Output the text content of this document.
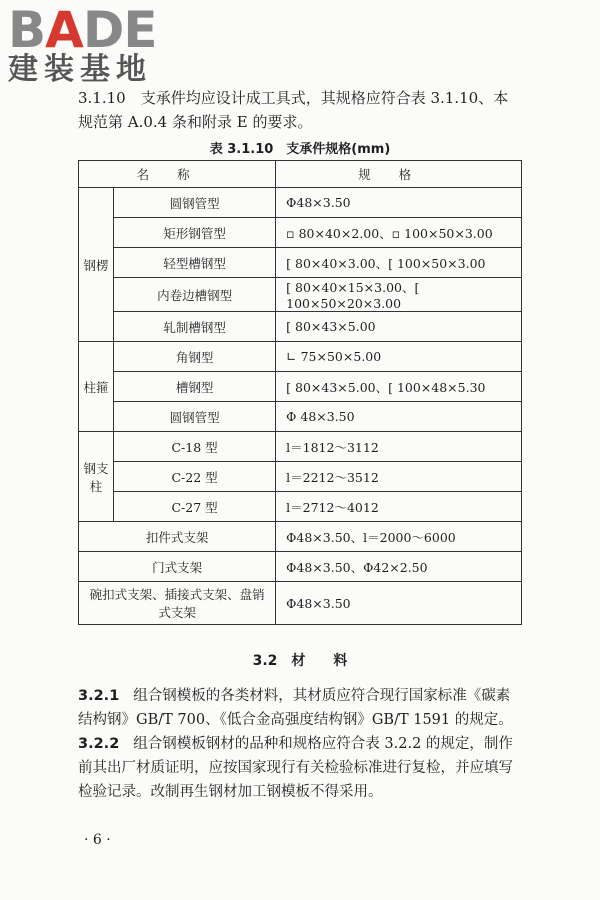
BADE
建装基地
3.1.10　支承件均应设计成工具式，其规格应符合表 3.1.10、本规范第 A.0.4 条和附录 E 的要求。
表 3.1.10　支承件规格(mm)
名称		规格
钢楞	圆钢管型	Φ48×3.50
	矩形钢管型	▫ 80×40×2.00、▫ 100×50×3.00
	轻型槽钢型	[ 80×40×3.00、[ 100×50×3.00
	内卷边槽钢型	[ 80×40×15×3.00、[ 100×50×20×3.00
	轧制槽钢型	[ 80×43×5.00
柱箍	角钢型	∟ 75×50×5.00
	槽钢型	[ 80×43×5.00、[ 100×48×5.30
	圆钢管型	Φ 48×3.50
钢支柱	C-18 型	l＝1812～3112
	C-22 型	l＝2212～3512
	C-27 型	l＝2712～4012
扣件式支架		Φ48×3.50、l＝2000～6000
门式支架		Φ48×3.50、Φ42×2.50
碗扣式支架、插接式支架、盘销式支架		Φ48×3.50
3.2　材　　料
3.2.1 组合钢模板的各类材料，其材质应符合现行国家标准《碳素结构钢》GB/T 700、《低合金高强度结构钢》GB/T 1591 的规定。
3.2.2 组合钢模板钢材的品种和规格应符合表 3.2.2 的规定，制作前其出厂材质证明，应按国家现行有关检验标准进行复检，并应填写检验记录。改制再生钢材加工钢模板不得采用。
· 6 ·
